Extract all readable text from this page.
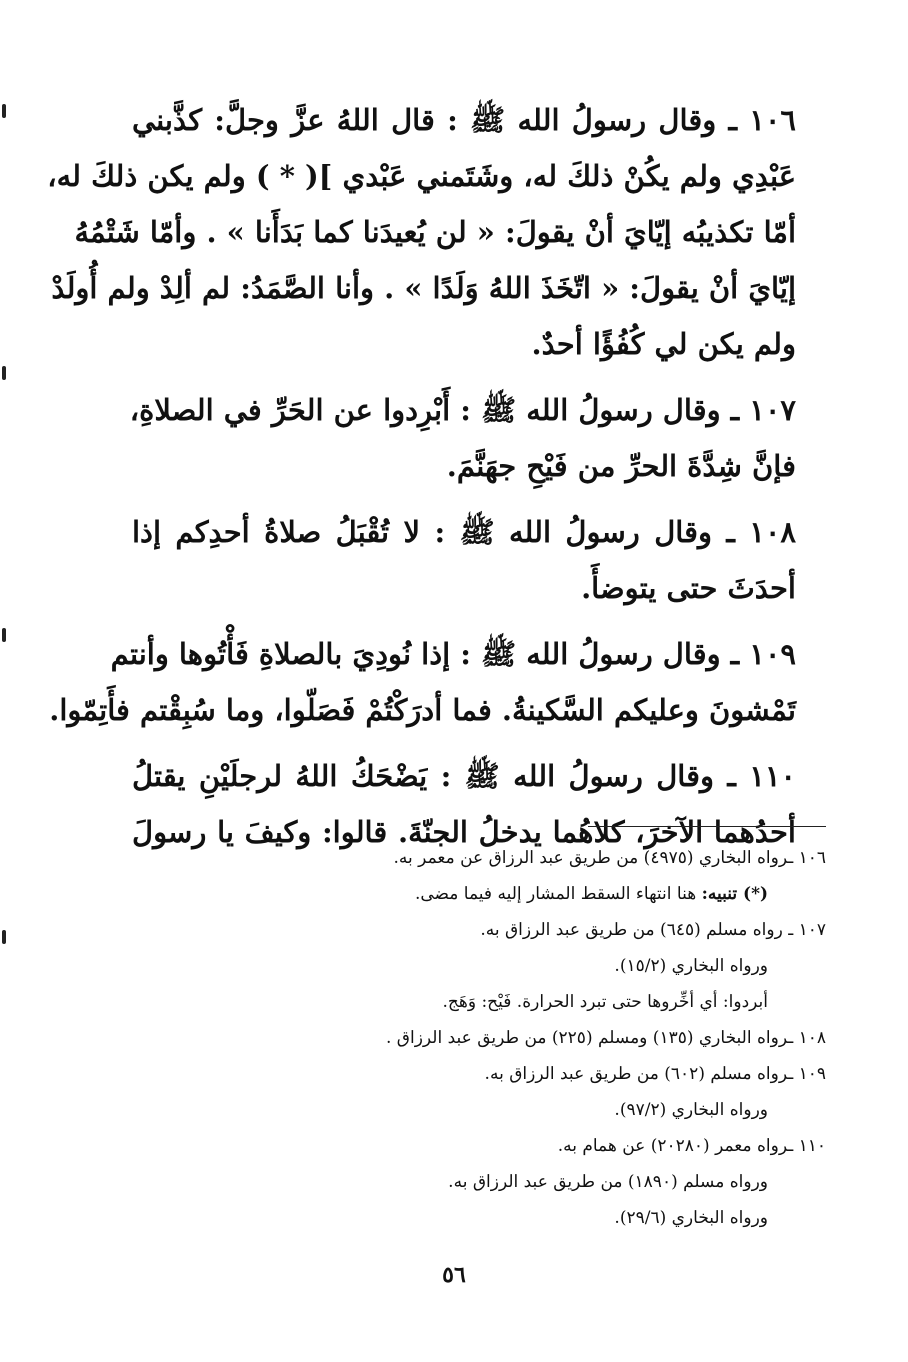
١٠٦ ـ وقال رسولُ الله ﷺ : قال اللهُ عزَّ وجلَّ: كذَّبني
عَبْدِي ولم يكُنْ ذلكَ له، وشَتَمني عَبْدي ]( * ) ولم يكن ذلكَ له،
أمّا تكذيبُه إيّايَ أنْ يقولَ: « لن يُعيدَنا كما بَدَأَنا » . وأمّا شَتْمُهُ
إيّايَ أنْ يقولَ: « اتّخَذَ اللهُ وَلَدًا » . وأنا الصَّمَدُ: لم ألِدْ ولم أُولَدْ
ولم يكن لي كُفُؤًا أحدٌ.
١٠٧ ـ وقال رسولُ الله ﷺ : أَبْرِدوا عن الحَرِّ في الصلاةِ،
فإنَّ شِدَّةَ الحرِّ من فَيْحِ جهَنَّمَ.
١٠٨ ـ وقال رسولُ الله ﷺ : لا تُقْبَلُ صلاةُ أحدِكم إذا
أحدَثَ حتى يتوضأَ.
١٠٩ ـ وقال رسولُ الله ﷺ : إذا نُودِيَ بالصلاةِ فَأْتُوها وأنتم
تَمْشونَ وعليكم السَّكينةُ. فما أدرَكْتُمْ فَصَلّوا، وما سُبِقْتم فأَتِمّوا.
١١٠ ـ وقال رسولُ الله ﷺ : يَضْحَكُ اللهُ لرجلَيْنِ يقتلُ
أحدُهما الآخرَ، كلاهُما يدخلُ الجنّةَ. قالوا: وكيفَ يا رسولَ
١٠٦ ـرواه البخاري (٤٩٧٥) من طريق عبد الرزاق عن معمر به.
(*) تنبيه: هنا انتهاء السقط المشار إليه فيما مضى.
١٠٧ ـ رواه مسلم (٦٤٥) من طريق عبد الرزاق به.
ورواه البخاري (١٥/٢).
أبردوا: أي أخِّروها حتى تبرد الحرارة. فَيْح: وَهَج.
١٠٨ ـرواه البخاري (١٣٥) ومسلم (٢٢٥) من طريق عبد الرزاق .
١٠٩ ـرواه مسلم (٦٠٢) من طريق عبد الرزاق به.
ورواه البخاري (٩٧/٢).
١١٠ ـرواه معمر (٢٠٢٨٠) عن همام به.
ورواه مسلم (١٨٩٠) من طريق عبد الرزاق به.
ورواه البخاري (٢٩/٦).
٥٦
